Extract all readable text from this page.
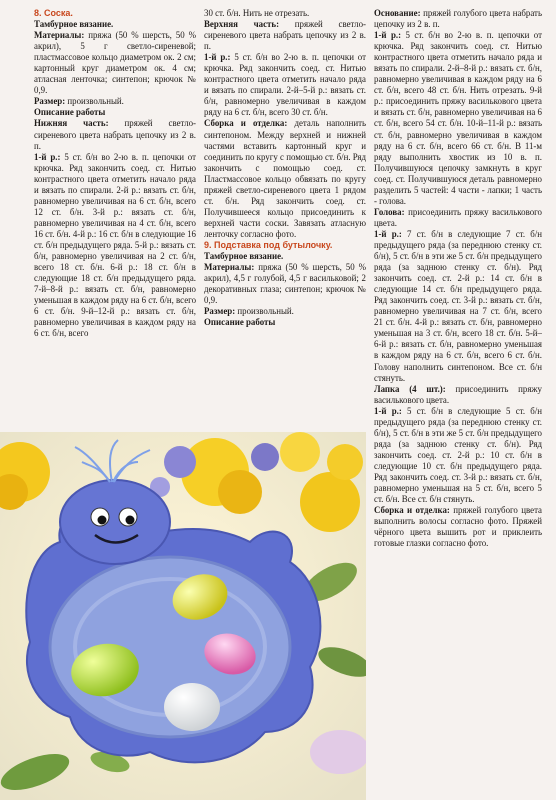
8. Соска.

Тамбурное вязание.

Материалы: пряжа (50 % шерсть, 50 % акрил), 5 г светло-сиреневой; пластмассовое кольцо диаметром ок. 2 см; картонный круг диаметром ок. 4 см; атласная ленточка; синтепон; крючок № 0,9.

Размер: произвольный.

Описание работы

Нижняя часть: пряжей светло-сиреневого цвета набрать цепочку из 2 в. п.

1-й р.: 5 ст. б/н во 2-ю в. п. цепочки от крючка. Ряд закончить соед. ст. Нитью контрастного цвета отметить начало ряда и вязать по спирали. 2-й р.: вязать ст. б/н, равномерно увеличивая на 6 ст. б/н, всего 12 ст. б/н. 3-й р.: вязать ст. б/н, равномерно увеличивая на 4 ст. б/н, всего 16 ст. б/н. 4-й р.: 16 ст. б/н в следующие 16 ст. б/н предыдущего ряда. 5-й р.: вязать ст. б/н, равномерно увеличивая на 2 ст. б/н, всего 18 ст. б/н. 6-й р.: 18 ст. б/н в следующие 18 ст. б/н предыдущего ряда. 7-й–8-й р.: вязать ст. б/н, равномерно уменьшая в каждом ряду на 6 ст. б/н, всего 6 ст. б/н. 9-й–12-й р.: вязать ст. б/н, равномерно увеличивая в каждом ряду на 6 ст. б/н, всего

30 ст. б/н. Нить не отрезать.

Верхняя часть: пряжей светло-сиреневого цвета набрать цепочку из 2 в. п.

1-й р.: 5 ст. б/н во 2-ю в. п. цепочки от крючка. Ряд закончить соед. ст. Нитью контрастного цвета отметить начало ряда и вязать по спирали. 2-й–5-й р.: вязать ст. б/н, равномерно увеличивая в каждом ряду на 6 ст. б/н, всего 30 ст. б/н.

Сборка и отделка: деталь наполнить синтепоном. Между верхней и нижней частями вставить картонный круг и соединить по кругу с помощью ст. б/н. Ряд закончить с помощью соед. ст. Пластмассовое кольцо обвязать по кругу пряжей светло-сиреневого цвета 1 рядом ст. б/н. Ряд закончить соед. ст. Получившееся кольцо присоединить к верхней части соски. Завязать атласную ленточку согласно фото.

9. Подставка под бутылочку.

Тамбурное вязание.

Материалы: пряжа (50 % шерсть, 50 % акрил), 4,5 г голубой, 4,5 г васильковой; 2 декоративных глаза; синтепон; крючок № 0,9.

Размер: произвольный.

Описание работы

Основание: пряжей голубого цвета набрать цепочку из 2 в. п.

1-й р.: 5 ст. б/н во 2-ю в. п. цепочки от крючка. Ряд закончить соед. ст. Нитью контрастного цвета отметить начало ряда и вязать по спирали. 2-й–8-й р.: вязать ст. б/н, равномерно увеличивая в каждом ряду на 6 ст. б/н, всего 48 ст. б/н. Нить отрезать. 9-й р.: присоединить пряжу василькового цвета и вязать ст. б/н, равномерно увеличивая на 6 ст. б/н, всего 54 ст. б/н. 10-й–11-й р.: вязать ст. б/н, равномерно увеличивая в каждом ряду на 6 ст. б/н, всего 66 ст. б/н. В 11-м ряду выполнить хвостик из 10 в. п. Получившуюся цепочку замкнуть в круг соед. ст. Получившуюся деталь равномерно разделить 5 частей: 4 части - лапки; 1 часть - голова.

Голова: присоединить пряжу василькового цвета.

1-й р.: 7 ст. б/н в следующие 7 ст. б/н предыдущего ряда (за переднюю стенку ст. б/н), 5 ст. б/н в эти же 5 ст. б/н предыдущего ряда (за заднюю стенку ст. б/н). Ряд закончить соед. ст. 2-й р.: 14 ст. б/н в следующие 14 ст. б/н предыдущего ряда. Ряд закончить соед. ст. 3-й р.: вязать ст. б/н, равномерно увеличивая на 7 ст. б/н, всего 21 ст. б/н. 4-й р.: вязать ст. б/н, равномерно уменьшая на 3 ст. б/н, всего 18 ст. б/н. 5-й–6-й р.: вязать ст. б/н, равномерно уменьшая в каждом ряду на 6 ст. б/н, всего 6 ст. б/н. Голову наполнить синтепоном. Все ст. б/н стянуть.

Лапка (4 шт.): присоединить пряжу василькового цвета.

1-й р.: 5 ст. б/н в следующие 5 ст. б/н предыдущего ряда (за переднюю стенку ст. б/н), 5 ст. б/н в эти же 5 ст. б/н предыдущего ряда (за заднюю стенку ст. б/н). Ряд закончить соед. ст. 2-й р.: 10 ст. б/н в следующие 10 ст. б/н предыдущего ряда. Ряд закончить соед. ст. 3-й р.: вязать ст. б/н, равномерно уменьшая на 5 ст. б/н, всего 5 ст. б/н. Все ст. б/н стянуть.

Сборка и отделка: пряжей голубого цвета выполнить волосы согласно фото. Пряжей чёрного цвета вышить рот и приклеить готовые глазки согласно фото.
